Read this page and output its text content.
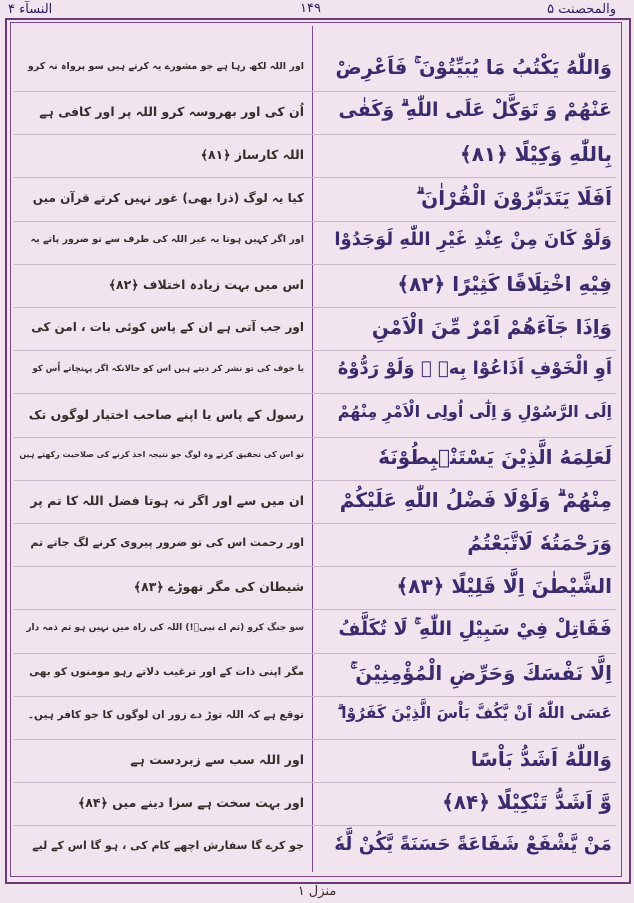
النسآء ۴	۱۴۹	والمحصنت ۵
وَاللّٰهُ يَكْتُبُ مَا يُبَيِّتُوْنَ ۚ فَاَعْرِضْ
اور اللہ لکھ رہا ہے جو مشورے یہ کرتے ہیں سو پرواہ نہ کرو
عَنْهُمْ وَ تَوَكَّلْ عَلَى اللّٰهِ ۗ وَكَفٰى
اُن کی اور بھروسہ کرو اللہ پر اور کافی ہے
بِاللّٰهِ وَكِيْلًا ﴿۸۱﴾
اللہ کارساز ﴿۸۱﴾
اَفَلَا يَتَدَبَّرُوْنَ الْقُرْاٰنَ ۗ
کیا یہ لوگ (ذرا بھی) غور نہیں کرتے قرآن میں
وَلَوْ كَانَ مِنْ عِنْدِ غَيْرِ اللّٰهِ لَوَجَدُوْا
اور اگر کہیں ہوتا یہ غیر اللہ کی طرف سے تو ضرور پاتے یہ
فِيْهِ اخْتِلَافًا كَثِيْرًا ﴿۸۲﴾
اس میں بہت زیادہ اختلاف ﴿۸۲﴾
وَاِذَا جَآءَهُمْ اَمْرٌ مِّنَ الْاَمْنِ
اور جب آتی ہے ان کے پاس کوئی بات ، امن کی
اَوِ الْخَوْفِ اَذَاعُوْا بِهٖ ۗ وَلَوْ رَدُّوْهُ
یا خوف کی تو نشر کر دیتے ہیں اس کو حالانکہ اگر پہنچاتے اُس کو
اِلَى الرَّسُوْلِ وَ اِلٰٓى اُولِى الْاَمْرِ مِنْهُمْ
رسول کے پاس یا اپنے صاحب اختیار لوگوں تک
لَعَلِمَهُ الَّذِيْنَ يَسْتَنْۢبِطُوْنَهٗ
تو اس کی تحقیق کرتے وہ لوگ جو نتیجہ اخذ کرنے کی صلاحیت رکھتے ہیں
مِنْهُمْ ۗ وَلَوْلَا فَضْلُ اللّٰهِ عَلَيْكُمْ
ان میں سے اور اگر نہ ہوتا فضل اللہ کا تم پر
وَرَحْمَتُهٗ لَاتَّبَعْتُمُ
اور رحمت اس کی تو ضرور پیروی کرنے لگ جاتے تم
الشَّيْطٰنَ اِلَّا قَلِيْلًا ﴿۸۳﴾
شیطان کی مگر تھوڑے ﴿۸۳﴾
فَقَاتِلْ فِيْ سَبِيْلِ اللّٰهِ ۚ لَا تُكَلَّفُ
سو جنگ کرو (تم اے نبیؐ!) اللہ کی راہ میں نہیں ہو تم ذمہ دار
اِلَّا نَفْسَكَ وَحَرِّضِ الْمُؤْمِنِيْنَ ۚ
مگر اپنی ذات کے اور ترغیب دلاتے رہو مومنوں کو بھی
عَسَى اللّٰهُ اَنْ يَّكُفَّ بَاْسَ الَّذِيْنَ كَفَرُوْا ۗ
توقع ہے کہ اللہ توڑ دے زور ان لوگوں کا جو کافر ہیں۔
وَاللّٰهُ اَشَدُّ بَاْسًا
اور اللہ سب سے زبردست ہے
وَّ اَشَدُّ تَنْكِيْلًا ﴿۸۴﴾
اور بہت سخت ہے سزا دینے میں ﴿۸۴﴾
مَنْ يَّشْفَعْ شَفَاعَةً حَسَنَةً يَّكُنْ لَّهٗ
جو کرے گا سفارش اچھے کام کی ، ہو گا اس کے لیے
منزل ۱
